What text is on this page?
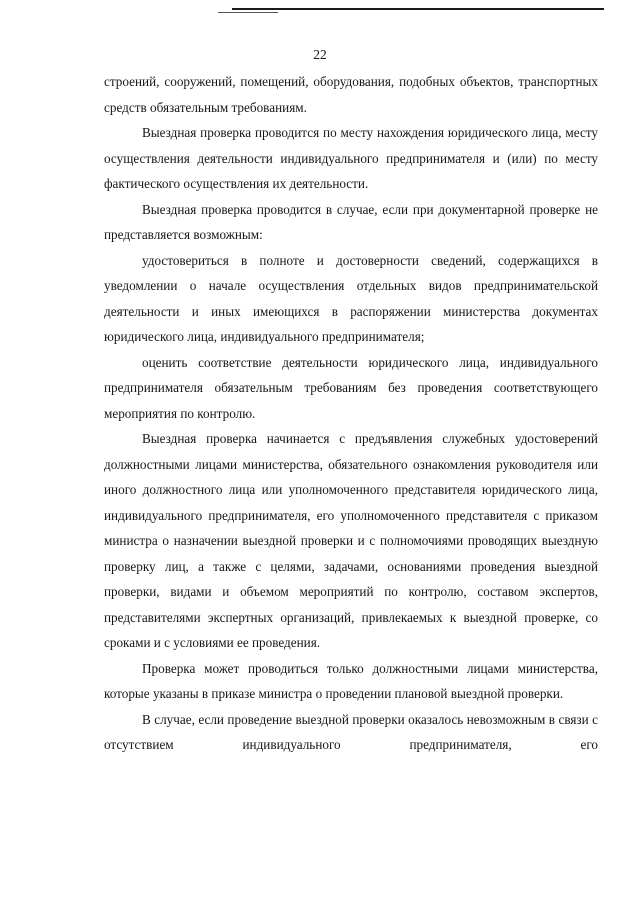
22

строений, сооружений, помещений, оборудования, подобных объектов, транспортных средств обязательным требованиям.

Выездная проверка проводится по месту нахождения юридического лица, месту осуществления деятельности индивидуального предпринимателя и (или) по месту фактического осуществления их деятельности.

Выездная проверка проводится в случае, если при документарной проверке не представляется возможным:

удостовериться в полноте и достоверности сведений, содержащихся в уведомлении о начале осуществления отдельных видов предпринимательской деятельности и иных имеющихся в распоряжении министерства документах юридического лица, индивидуального предпринимателя;

оценить соответствие деятельности юридического лица, индивидуального предпринимателя обязательным требованиям без проведения соответствующего мероприятия по контролю.

Выездная проверка начинается с предъявления служебных удостоверений должностными лицами министерства, обязательного ознакомления руководителя или иного должностного лица или уполномоченного представителя юридического лица, индивидуального предпринимателя, его уполномоченного представителя с приказом министра о назначении выездной проверки и с полномочиями проводящих выездную проверку лиц, а также с целями, задачами, основаниями проведения выездной проверки, видами и объемом мероприятий по контролю, составом экспертов, представителями экспертных организаций, привлекаемых к выездной проверке, со сроками и с условиями ее проведения.

Проверка может проводиться только должностными лицами министерства, которые указаны в приказе министра о проведении плановой выездной проверки.

В случае, если проведение выездной проверки оказалось невозможным в связи с отсутствием индивидуального предпринимателя, его
